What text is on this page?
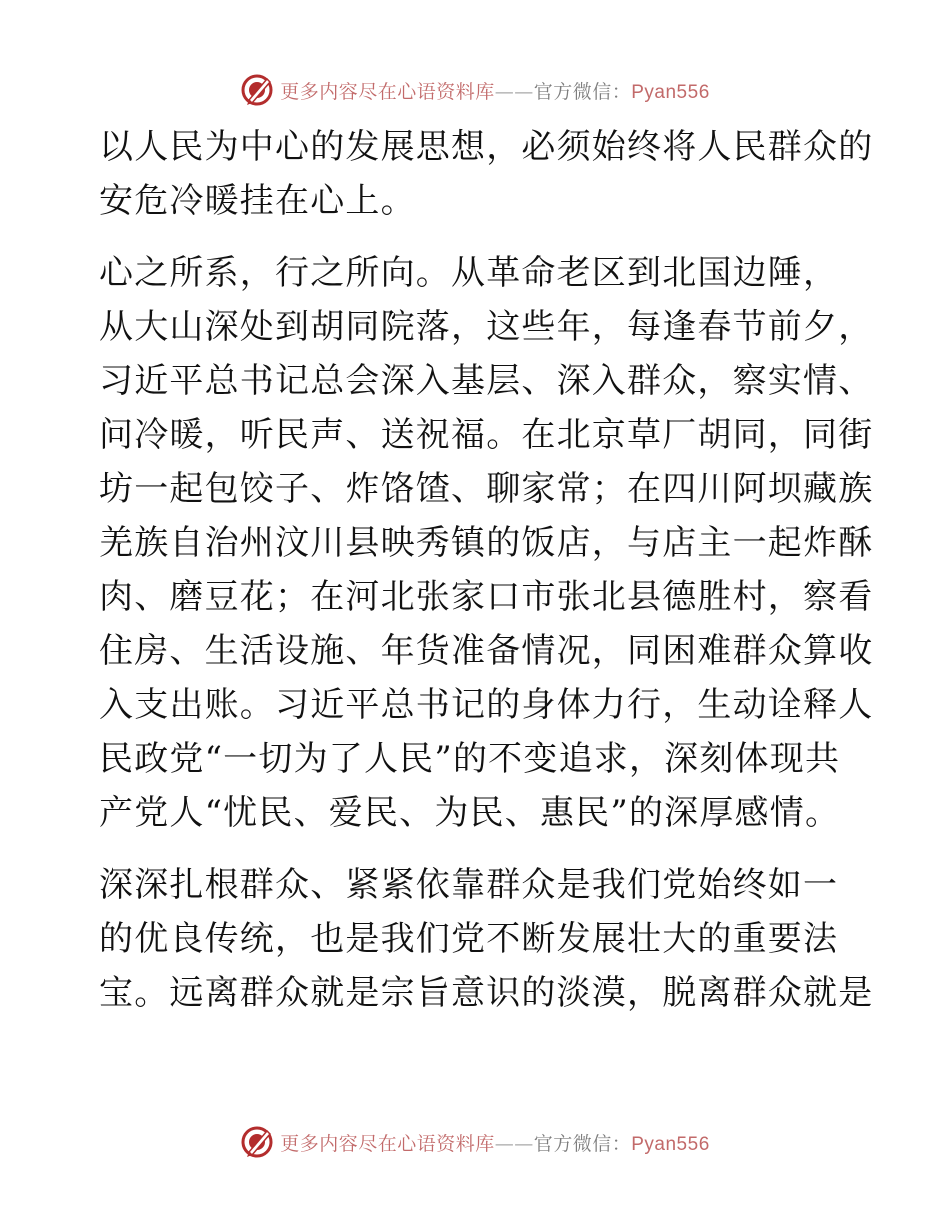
更多内容尽在心语资料库——官方微信：Pyan556

以人民为中心的发展思想，必须始终将人民群众的
安危冷暖挂在心上。

心之所系，行之所向。从革命老区到北国边陲，
从大山深处到胡同院落，这些年，每逢春节前夕，
习近平总书记总会深入基层、深入群众，察实情、
问冷暖，听民声、送祝福。在北京草厂胡同，同街
坊一起包饺子、炸饹馇、聊家常；在四川阿坝藏族
羌族自治州汶川县映秀镇的饭店，与店主一起炸酥
肉、磨豆花；在河北张家口市张北县德胜村，察看
住房、生活设施、年货准备情况，同困难群众算收
入支出账。习近平总书记的身体力行，生动诠释人
民政党“一切为了人民”的不变追求，深刻体现共
产党人“忧民、爱民、为民、惠民”的深厚感情。

深深扎根群众、紧紧依靠群众是我们党始终如一
的优良传统，也是我们党不断发展壮大的重要法
宝。远离群众就是宗旨意识的淡漠，脱离群众就是

更多内容尽在心语资料库——官方微信：Pyan556
